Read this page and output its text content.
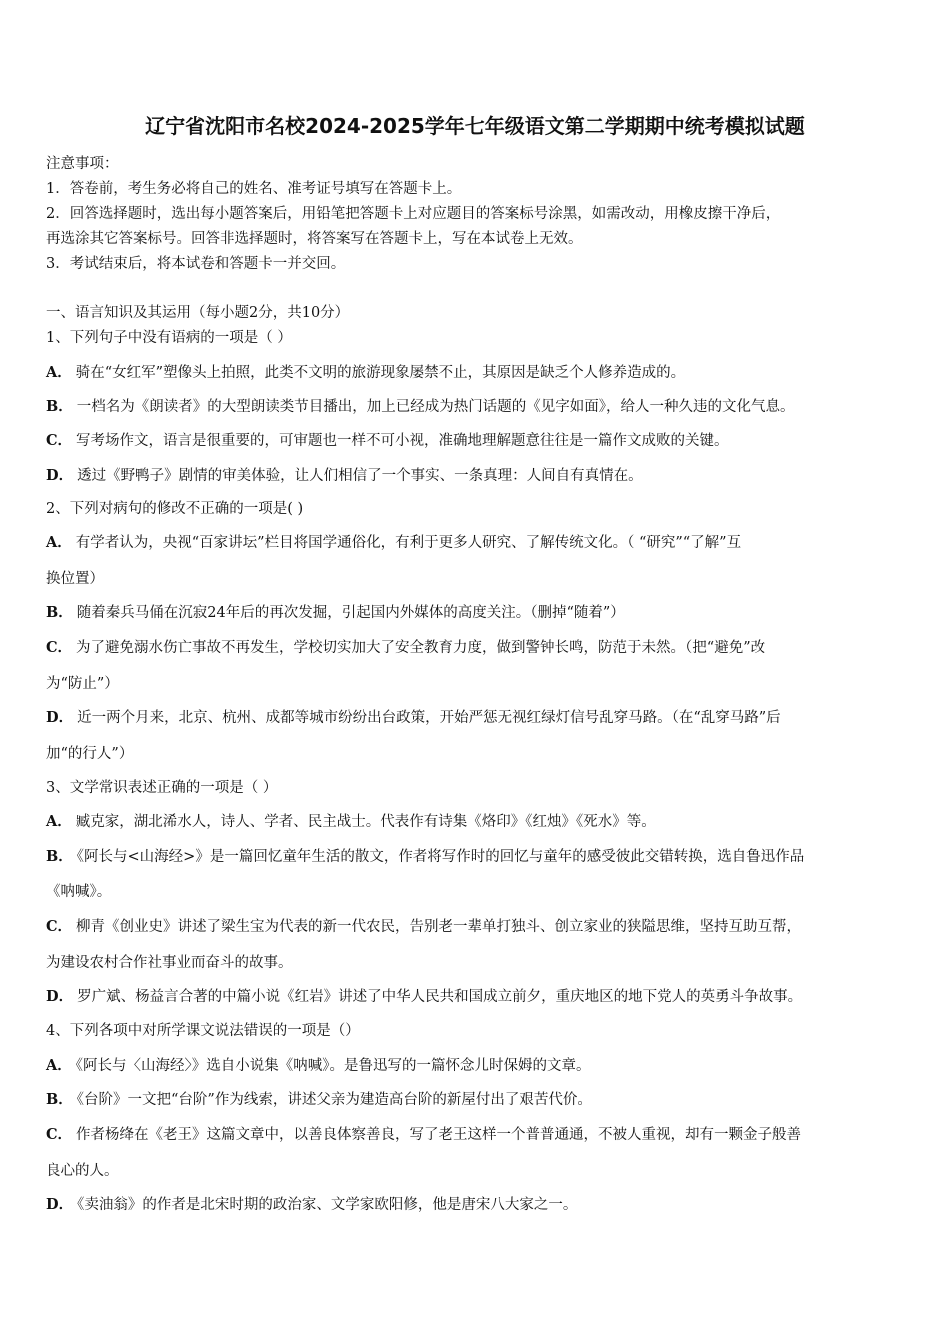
辽宁省沈阳市名校2024-2025学年七年级语文第二学期期中统考模拟试题
注意事项：
1．答卷前，考生务必将自己的姓名、准考证号填写在答题卡上。
2．回答选择题时，选出每小题答案后，用铅笔把答题卡上对应题目的答案标号涂黑，如需改动，用橡皮擦干净后，
再选涂其它答案标号。回答非选择题时，将答案写在答题卡上，写在本试卷上无效。
3．考试结束后，将本试卷和答题卡一并交回。
一、语言知识及其运用（每小题2分，共10分）
1、下列句子中没有语病的一项是（ ）
A． 骑在“女红军”塑像头上拍照，此类不文明的旅游现象屡禁不止，其原因是缺乏个人修养造成的。
B． 一档名为《朗读者》的大型朗读类节目播出，加上已经成为热门话题的《见字如面》，给人一种久违的文化气息。
C． 写考场作文，语言是很重要的，可审题也一样不可小视，准确地理解题意往往是一篇作文成败的关键。
D． 透过《野鸭子》剧情的审美体验，让人们相信了一个事实、一条真理：人间自有真情在。
2、下列对病句的修改不正确的一项是( )
A． 有学者认为，央视“百家讲坛”栏目将国学通俗化，有利于更多人研究、了解传统文化。（ “研究”“了解”互
换位置）
B． 随着秦兵马俑在沉寂24年后的再次发掘，引起国内外媒体的高度关注。（删掉“随着”）
C． 为了避免溺水伤亡事故不再发生，学校切实加大了安全教育力度，做到警钟长鸣，防范于未然。（把“避免”改
为“防止”）
D． 近一两个月来，北京、杭州、成都等城市纷纷出台政策，开始严惩无视红绿灯信号乱穿马路。（在“乱穿马路”后
加“的行人”）
3、文学常识表述正确的一项是（ ）
A． 臧克家，湖北浠水人，诗人、学者、民主战士。代表作有诗集《烙印》《红烛》《死水》等。
B． 《阿长与<山海经>》是一篇回忆童年生活的散文，作者将写作时的回忆与童年的感受彼此交错转换，选自鲁迅作品
《呐喊》。
C． 柳青《创业史》讲述了梁生宝为代表的新一代农民，告别老一辈单打独斗、创立家业的狭隘思维，坚持互助互帮，
为建设农村合作社事业而奋斗的故事。
D． 罗广斌、杨益言合著的中篇小说《红岩》讲述了中华人民共和国成立前夕，重庆地区的地下党人的英勇斗争故事。
4、下列各项中对所学课文说法错误的一项是（）
A． 《阿长与〈山海经〉》选自小说集《呐喊》。是鲁迅写的一篇怀念儿时保姆的文章。
B． 《台阶》一文把“台阶”作为线索，讲述父亲为建造高台阶的新屋付出了艰苦代价。
C． 作者杨绛在《老王》这篇文章中，以善良体察善良，写了老王这样一个普普通通，不被人重视，却有一颗金子般善
良心的人。
D． 《卖油翁》的作者是北宋时期的政治家、文学家欧阳修，他是唐宋八大家之一。
